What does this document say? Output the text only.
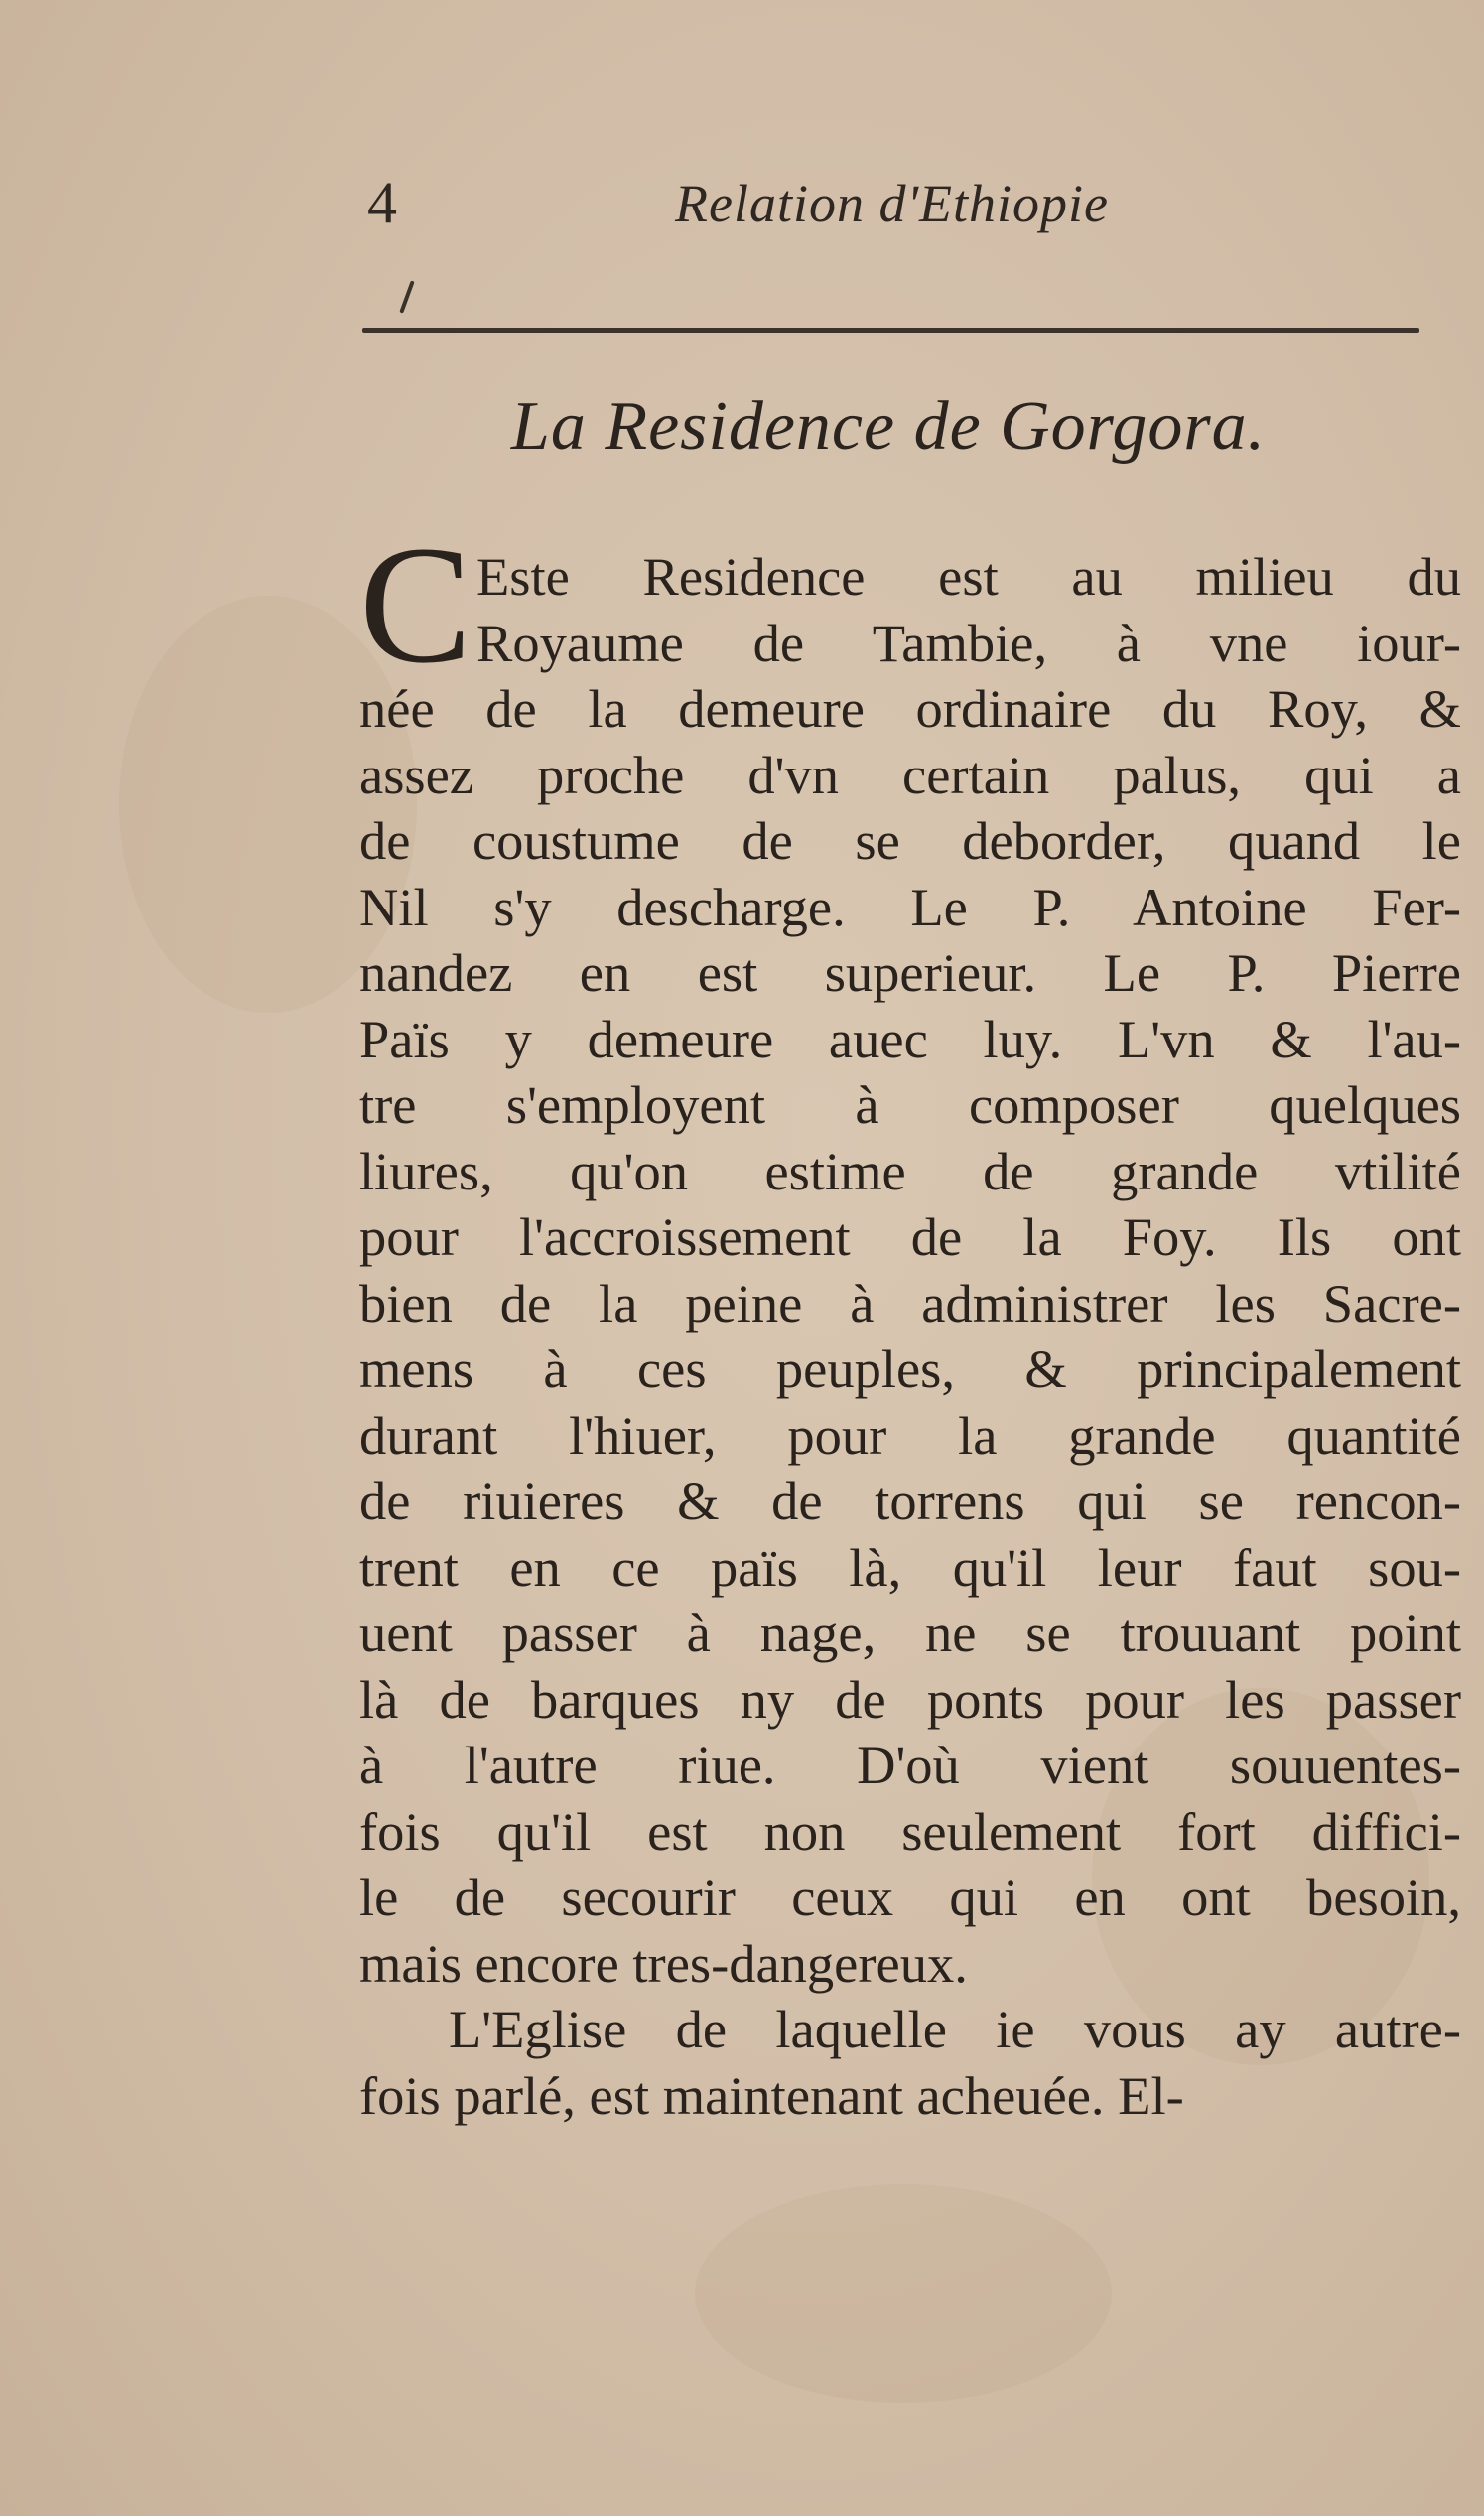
4	Relation d'Ethiopie
La Residence de Gorgora.
C Este Residence est au milieu du
Royaume de Tambie, à vne iour-
née de la demeure ordinaire du Roy, &
assez proche d'vn certain palus, qui a
de coustume de se deborder, quand le
Nil s'y descharge. Le P. Antoine Fer-
nandez en est superieur. Le P. Pierre
Païs y demeure auec luy. L'vn & l'au-
tre s'employent à composer quelques
liures, qu'on estime de grande vtilité
pour l'accroissement de la Foy. Ils ont
bien de la peine à administrer les Sacre-
mens à ces peuples, & principalement
durant l'hiuer, pour la grande quantité
de riuieres & de torrens qui se rencon-
trent en ce païs là, qu'il leur faut sou-
uent passer à nage, ne se trouuant point
là de barques ny de ponts pour les passer
à l'autre riue. D'où vient souuentes-
fois qu'il est non seulement fort diffici-
le de secourir ceux qui en ont besoin,
mais encore tres-dangereux.
L'Eglise de laquelle ie vous ay autre-
fois parlé, est maintenant acheuée. El-
